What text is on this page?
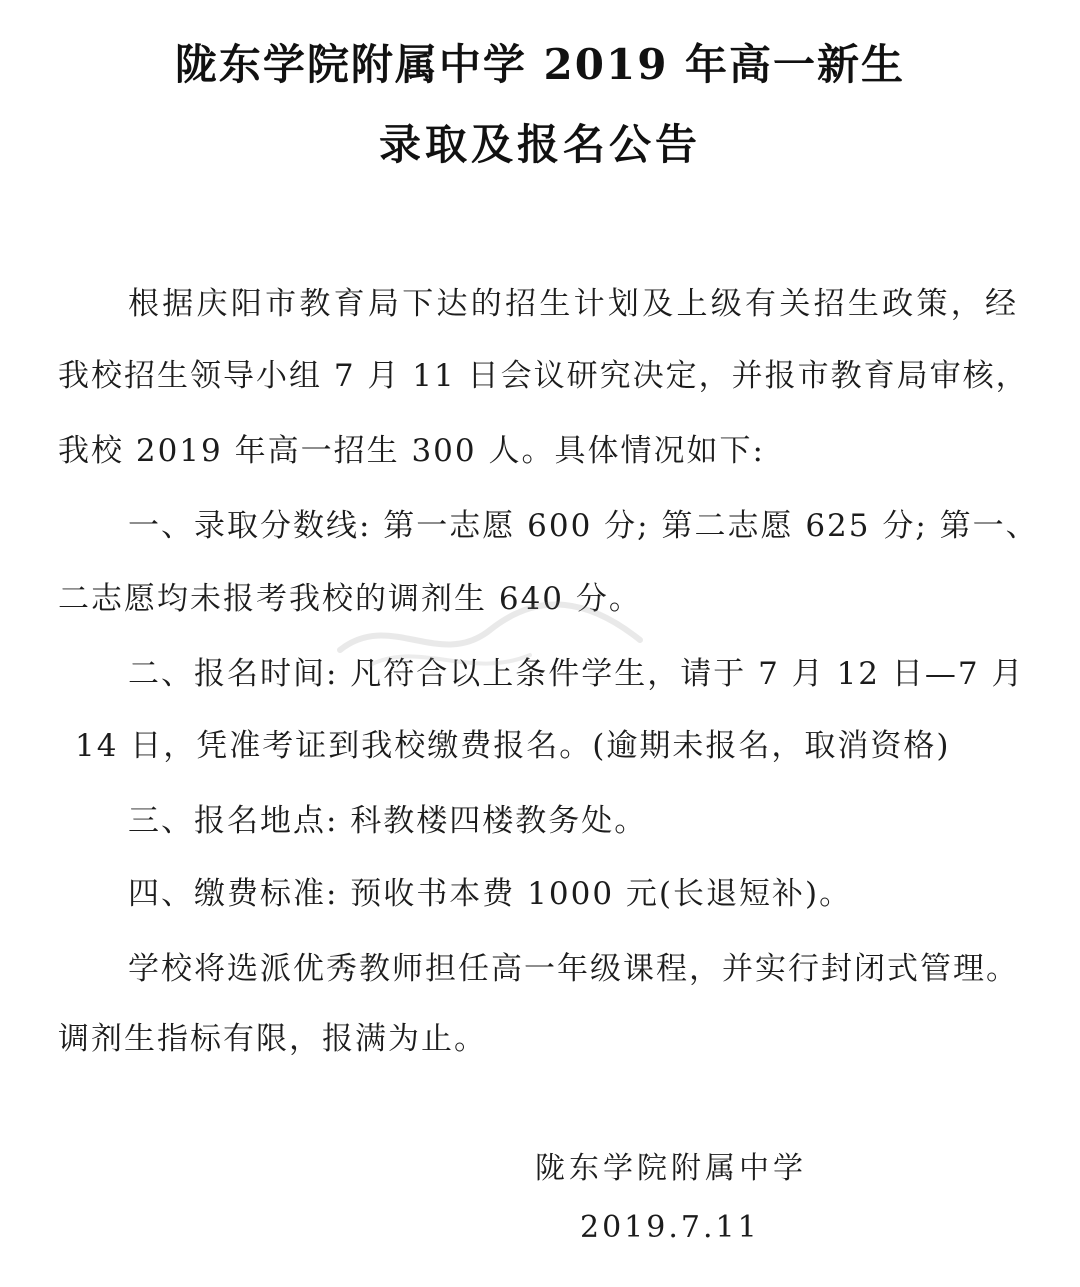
陇东学院附属中学 2019 年高一新生
录取及报名公告
根据庆阳市教育局下达的招生计划及上级有关招生政策，经
我校招生领导小组 7 月 11 日会议研究决定，并报市教育局审核，
我校 2019 年高一招生 300 人。具体情况如下:
一、录取分数线: 第一志愿 600 分; 第二志愿 625 分; 第一、
二志愿均未报考我校的调剂生 640 分。
二、报名时间: 凡符合以上条件学生，请于 7 月 12 日—7 月
14 日，凭准考证到我校缴费报名。(逾期未报名，取消资格)
三、报名地点: 科教楼四楼教务处。
四、缴费标准: 预收书本费 1000 元(长退短补)。
学校将选派优秀教师担任高一年级课程，并实行封闭式管理。
调剂生指标有限，报满为止。
陇东学院附属中学
2019.7.11
